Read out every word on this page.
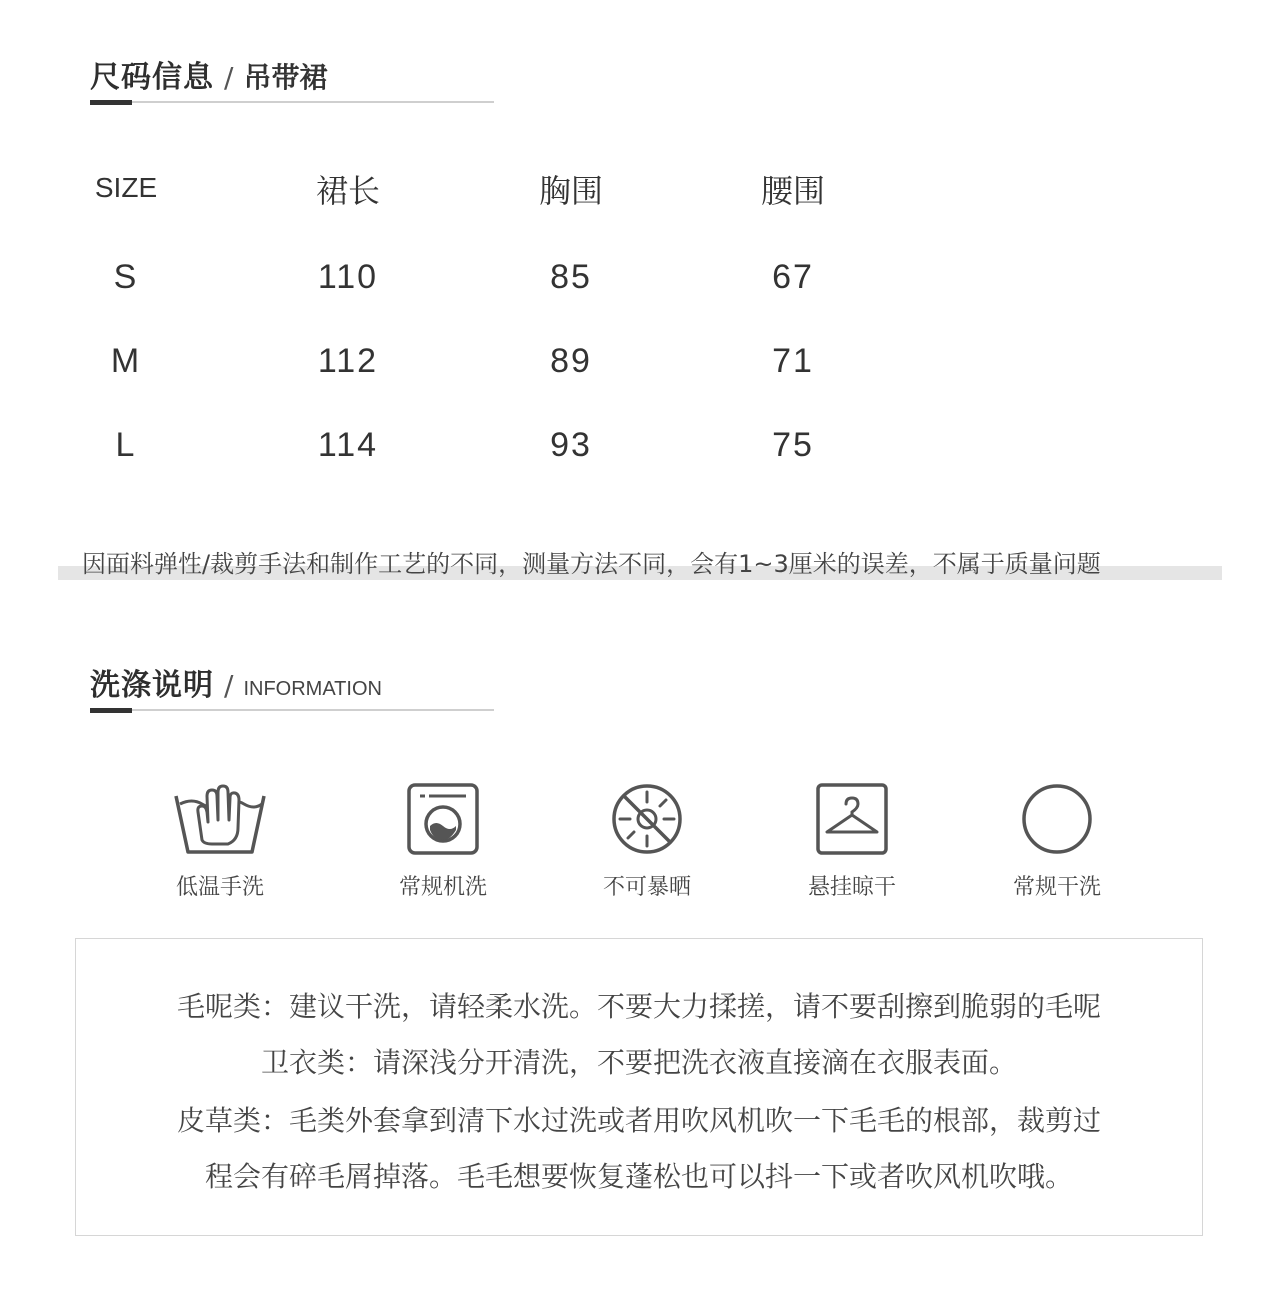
尺码信息 / 吊带裙
SIZE	裙长	胸围	腰围
S	110	85	67
M	112	89	71
L	114	93	75
因面料弹性/裁剪手法和制作工艺的不同，测量方法不同，会有1~3厘米的误差，不属于质量问题
洗涤说明 / INFORMATION
低温手洗	常规机洗	不可暴晒	悬挂晾干	常规干洗
毛呢类：建议干洗，请轻柔水洗。不要大力揉搓，请不要刮擦到脆弱的毛呢
卫衣类：请深浅分开清洗，不要把洗衣液直接滴在衣服表面。
皮草类：毛类外套拿到清下水过洗或者用吹风机吹一下毛毛的根部，裁剪过
程会有碎毛屑掉落。毛毛想要恢复蓬松也可以抖一下或者吹风机吹哦。
